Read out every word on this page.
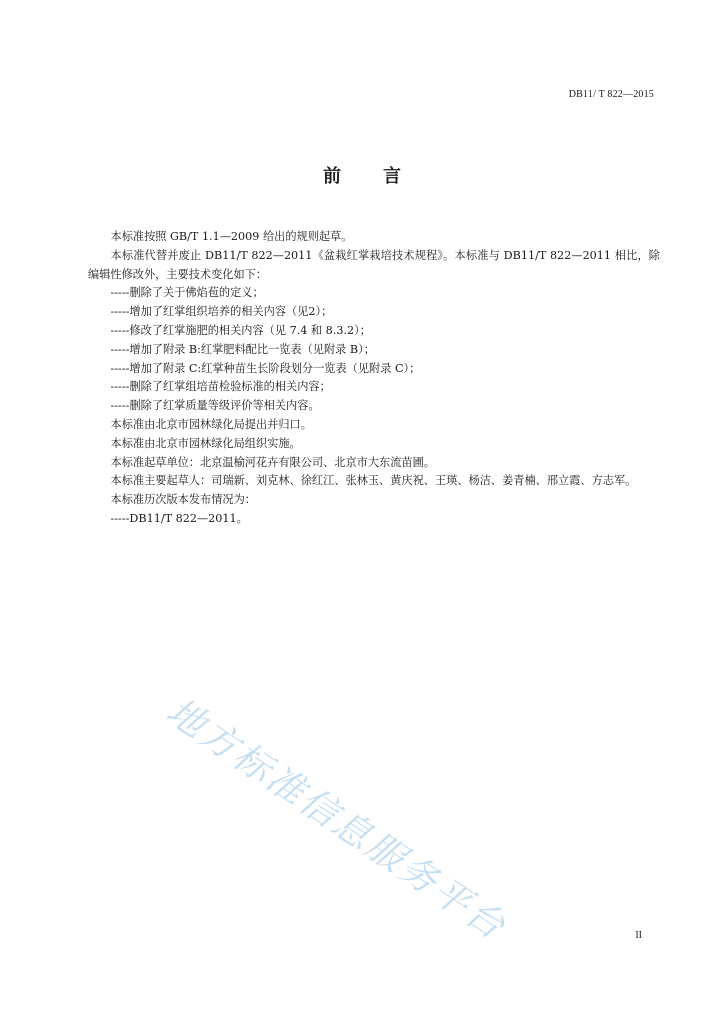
DB11/ T 822—2015
前言

本标准按照 GB/T 1.1—2009 给出的规则起草。

本标准代替并废止 DB11/T 822—2011《盆栽红掌栽培技术规程》。本标准与 DB11/T 822—2011 相比，除编辑性修改外，主要技术变化如下：

-----删除了关于佛焰苞的定义；

-----增加了红掌组织培养的相关内容（见2）；

-----修改了红掌施肥的相关内容（见 7.4 和 8.3.2）；

-----增加了附录 B:红掌肥料配比一览表（见附录 B）；

-----增加了附录 C:红掌种苗生长阶段划分一览表（见附录 C）；

-----删除了红掌组培苗检验标准的相关内容；

-----删除了红掌质量等级评价等相关内容。

本标准由北京市园林绿化局提出并归口。

本标准由北京市园林绿化局组织实施。

本标准起草单位：北京温榆河花卉有限公司、北京市大东流苗圃。

本标准主要起草人：司瑞新、刘克林、徐红江、张林玉、黄庆祝、王瑛、杨洁、姜青楠、邢立霞、方志军。

本标准历次版本发布情况为：

-----DB11/T 822—2011。

地方标准信息服务平台	II
